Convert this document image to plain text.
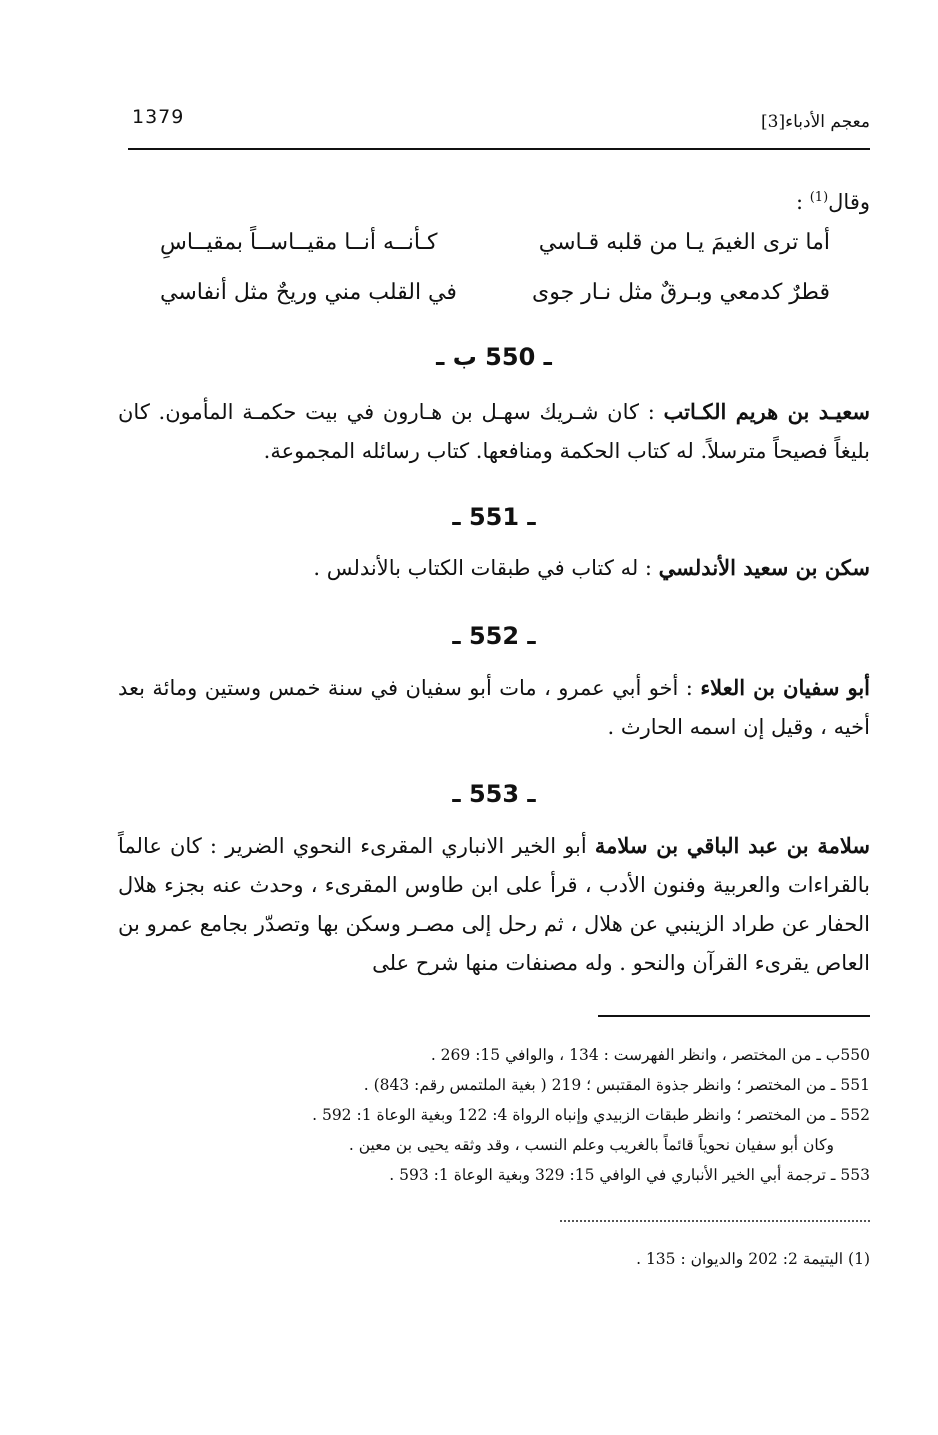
1379	معجم الأدباء[3]
وقال$^{(1)}$ :
أما ترى الغيمَ يـا من قلبه قـاسي
كـأنــه أنــا مقيــاســاً بمقيــاسِ
قطرٌ كدمعي وبـرقٌ مثل نـار جوى
في القلب مني وريحٌ مثل أنفاسي
ـ 550 ب ـ
سعيـد بن هريم الكـاتب : كان شـريك سهـل بن هـارون في بيت حكمـة المأمون. كان بليغاً فصيحاً مترسلاً. له كتاب الحكمة ومنافعها. كتاب رسائله المجموعة.
ـ 551 ـ
سكن بن سعيد الأندلسي : له كتاب في طبقات الكتاب بالأندلس .
ـ 552 ـ
أبو سفيان بن العلاء : أخو أبي عمرو ، مات أبو سفيان في سنة خمس وستين ومائة بعد أخيه ، وقيل إن اسمه الحارث .
ـ 553 ـ
سلامة بن عبد الباقي بن سلامة أبو الخير الانباري المقرىء النحوي الضرير : كان عالماً بالقراءات والعربية وفنون الأدب ، قرأ على ابن طاوس المقرىء ، وحدث عنه بجزء هلال الحفار عن طراد الزينبي عن هلال ، ثم رحل إلى مصـر وسكن بها وتصدّر بجامع عمرو بن العاص يقرىء القرآن والنحو . وله مصنفات منها شرح على
550ب ـ من المختصر ، وانظر الفهرست : 134 ، والوافي 15: 269 .
551 ـ من المختصر ؛ وانظر جذوة المقتبس ؛ 219 ( بغية الملتمس رقم: 843) .
552 ـ من المختصر ؛ وانظر طبقات الزبيدي وإنباه الرواة 4: 122 وبغية الوعاة 1: 592 .
وكان أبو سفيان نحوياً قائماً بالغريب وعلم النسب ، وقد وثقه يحيى بن معين .
553 ـ ترجمة أبي الخير الأنباري في الوافي 15: 329 وبغية الوعاة 1: 593 .
(1) اليتيمة 2: 202 والديوان : 135 .
